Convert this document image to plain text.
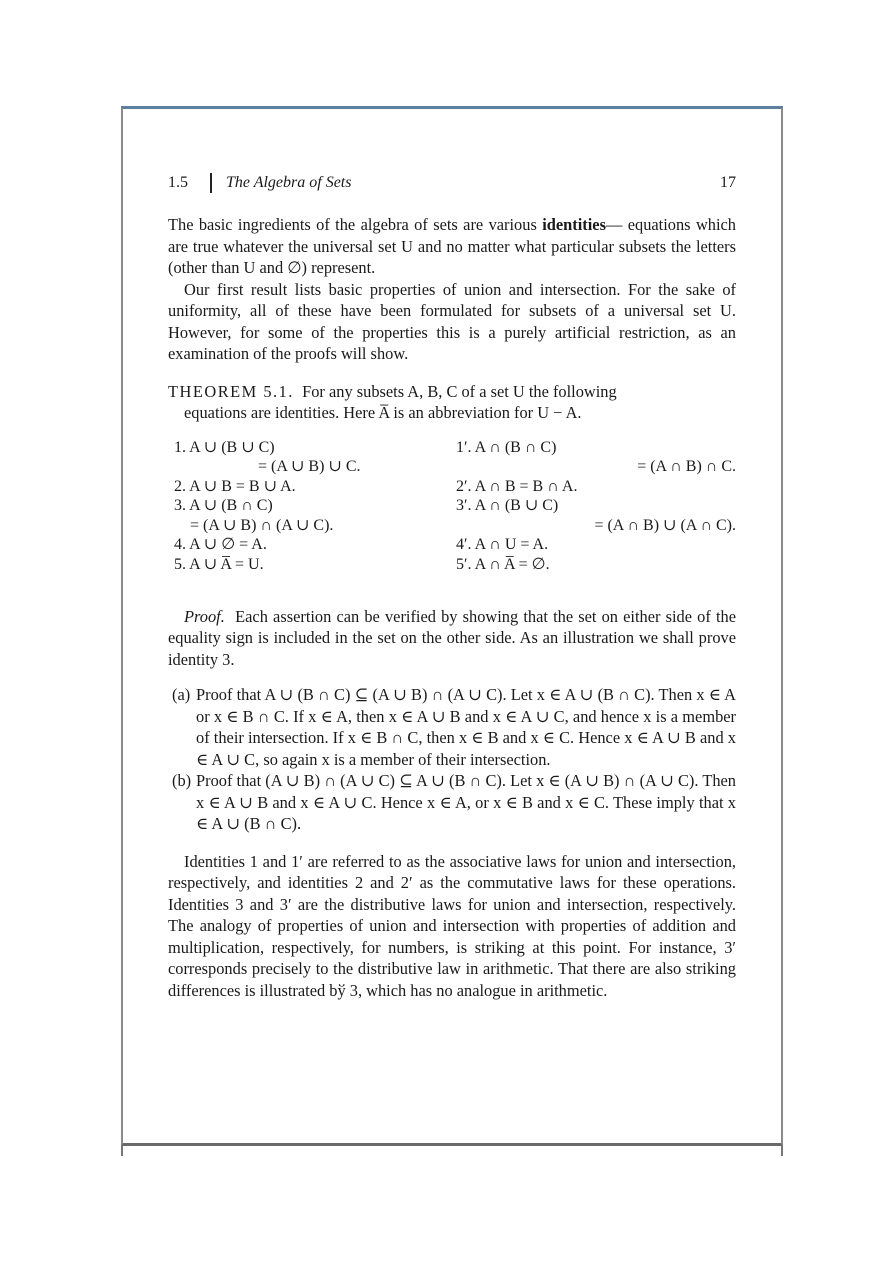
1.5	The Algebra of Sets	17

The basic ingredients of the algebra of sets are various identities— equations which are true whatever the universal set U and no matter what particular subsets the letters (other than U and ∅) represent.

Our first result lists basic properties of union and intersection. For the sake of uniformity, all of these have been formulated for subsets of a universal set U. However, for some of the properties this is a purely artificial restriction, as an examination of the proofs will show.

THEOREM 5.1. For any subsets A, B, C of a set U the following
equations are identities. Here A̅ is an abbreviation for U − A.
1. A ∪ (B ∪ C)
= (A ∪ B) ∪ C.
2. A ∪ B = B ∪ A.
3. A ∪ (B ∩ C)
= (A ∪ B) ∩ (A ∪ C).
4. A ∪ ∅ = A.
5. A ∪ A̅ = U.
1′. A ∩ (B ∩ C)
= (A ∩ B) ∩ C.
2′. A ∩ B = B ∩ A.
3′. A ∩ (B ∪ C)
= (A ∩ B) ∪ (A ∩ C).
4′. A ∩ U = A.
5′. A ∩ A̅ = ∅.

Proof. Each assertion can be verified by showing that the set on either side of the equality sign is included in the set on the other side. As an illustration we shall prove identity 3.

(a) Proof that A ∪ (B ∩ C) ⊆ (A ∪ B) ∩ (A ∪ C). Let x ∈ A ∪ (B ∩ C). Then x ∈ A or x ∈ B ∩ C. If x ∈ A, then x ∈ A ∪ B and x ∈ A ∪ C, and hence x is a member of their intersection. If x ∈ B ∩ C, then x ∈ B and x ∈ C. Hence x ∈ A ∪ B and x ∈ A ∪ C, so again x is a member of their intersection.
(b) Proof that (A ∪ B) ∩ (A ∪ C) ⊆ A ∪ (B ∩ C). Let x ∈ (A ∪ B) ∩ (A ∪ C). Then x ∈ A ∪ B and x ∈ A ∪ C. Hence x ∈ A, or x ∈ B and x ∈ C. These imply that x ∈ A ∪ (B ∩ C).

Identities 1 and 1′ are referred to as the associative laws for union and intersection, respectively, and identities 2 and 2′ as the commutative laws for these operations. Identities 3 and 3′ are the distributive laws for union and intersection, respectively. The analogy of properties of union and intersection with properties of addition and multiplication, respectively, for numbers, is striking at this point. For instance, 3′ corresponds precisely to the distributive law in arithmetic. That there are also striking differences is illustrated bў 3, which has no analogue in arithmetic.
